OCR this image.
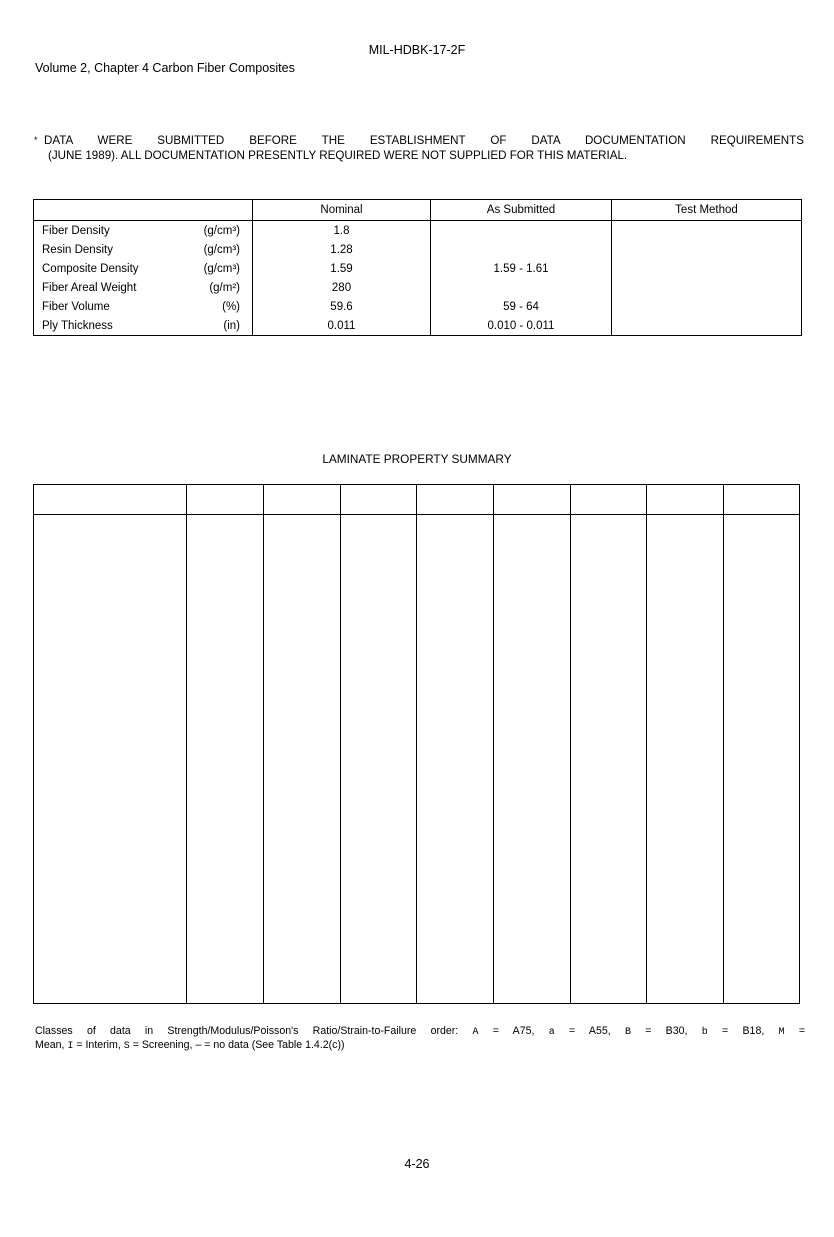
MIL-HDBK-17-2F
Volume 2, Chapter 4 Carbon Fiber Composites
* DATA WERE SUBMITTED BEFORE THE ESTABLISHMENT OF DATA DOCUMENTATION REQUIREMENTS
(JUNE 1989). ALL DOCUMENTATION PRESENTLY REQUIRED WERE NOT SUPPLIED FOR THIS MATERIAL.
		Nominal	As Submitted	Test Method
Fiber Density	(g/cm³)	1.8		
Resin Density	(g/cm³)	1.28		
Composite Density	(g/cm³)	1.59	1.59 - 1.61	
Fiber Areal Weight	(g/m²)	280		
Fiber Volume	(%)	59.6	59 - 64	
Ply Thickness	(in)	0.011	0.010 - 0.011	
LAMINATE PROPERTY SUMMARY
Classes of data in Strength/Modulus/Poisson's Ratio/Strain-to-Failure order: A = A75, a = A55, B = B30, b = B18, M =
Mean, I = Interim, S = Screening, – = no data (See Table 1.4.2(c))
4-26
